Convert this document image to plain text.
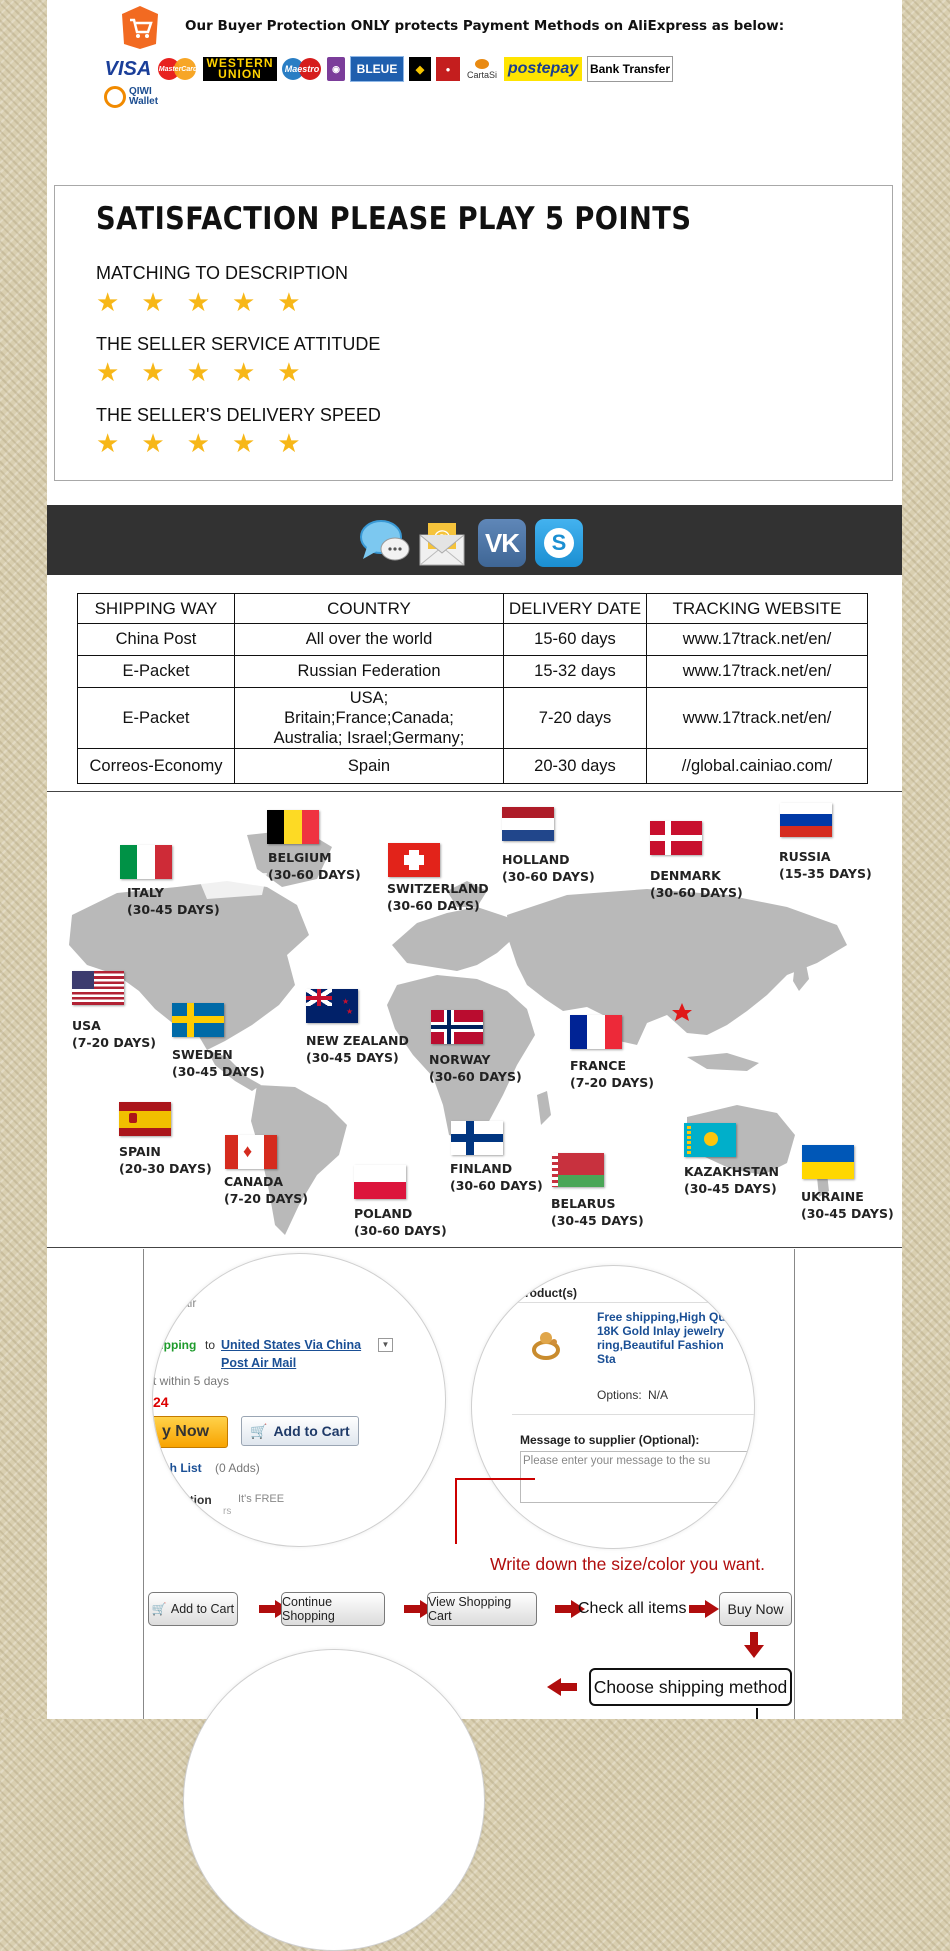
Our Buyer Protection ONLY protects Payment Methods on AliExpress as below:
VISA MasterCard WESTERN UNION	Maestro	◉	BLEUE	◆	●
CartaSi postepay Bank Transfer
QIWI
Wallet
SATISFACTION PLEASE PLAY 5 POINTS
MATCHING TO DESCRIPTION
★ ★ ★ ★ ★
THE SELLER SERVICE ATTITUDE
★ ★ ★ ★ ★
THE SELLER'S DELIVERY SPEED
★ ★ ★ ★ ★
VK	S
SHIPPING WAY	COUNTRY	DELIVERY DATE	TRACKING WEBSITE
China Post	All over the world	15-60 days	www.17track.net/en/
E-Packet	Russian Federation	15-32 days	www.17track.net/en/
E-Packet	USA;
Britain;France;Canada;
Australia; Israel;Germany;	7-20 days	www.17track.net/en/
Correos-Economy	Spain	20-30 days	//global.cainiao.com/
ITALY
(30-45 DAYS)
BELGIUM
(30-60 DAYS)
SWITZERLAND
(30-60 DAYS)
HOLLAND
(30-60 DAYS)	DENMARK
(30-60 DAYS)
RUSSIA
(15-35 DAYS)
USA
(7-20 DAYS)
SWEDEN
(30-45 DAYS)
★
★
NEW ZEALAND
(30-45 DAYS)	NORWAY
(30-60 DAYS)
FRANCE
(7-20 DAYS)
SPAIN
(20-30 DAYS)
♦
CANADA
(7-20 DAYS)
POLAND
(30-60 DAYS)
FINLAND
(30-60 DAYS)
BELARUS
(30-45 DAYS)
KAZAKHSTAN
(30-45 DAYS)
UKRAINE
(30-45 DAYS)
air
hipping to United States Via China	▼
Post Air Mail
t within 5 days
24
y Now	🛒 Add to Cart
sh List (0 Adds)
ction It's FREE
rs
Product(s)
Free shipping,High Qua 18K Gold Inlay jewelry ring,Beautiful Fashion Sta
Options: N/A
Message to supplier (Optional):
Please enter your message to the su
Write down the size/color you want.
🛒 Add to Cart	Continue Shopping
View Shopping Cart	Check all items	Buy Now
Choose shipping method
